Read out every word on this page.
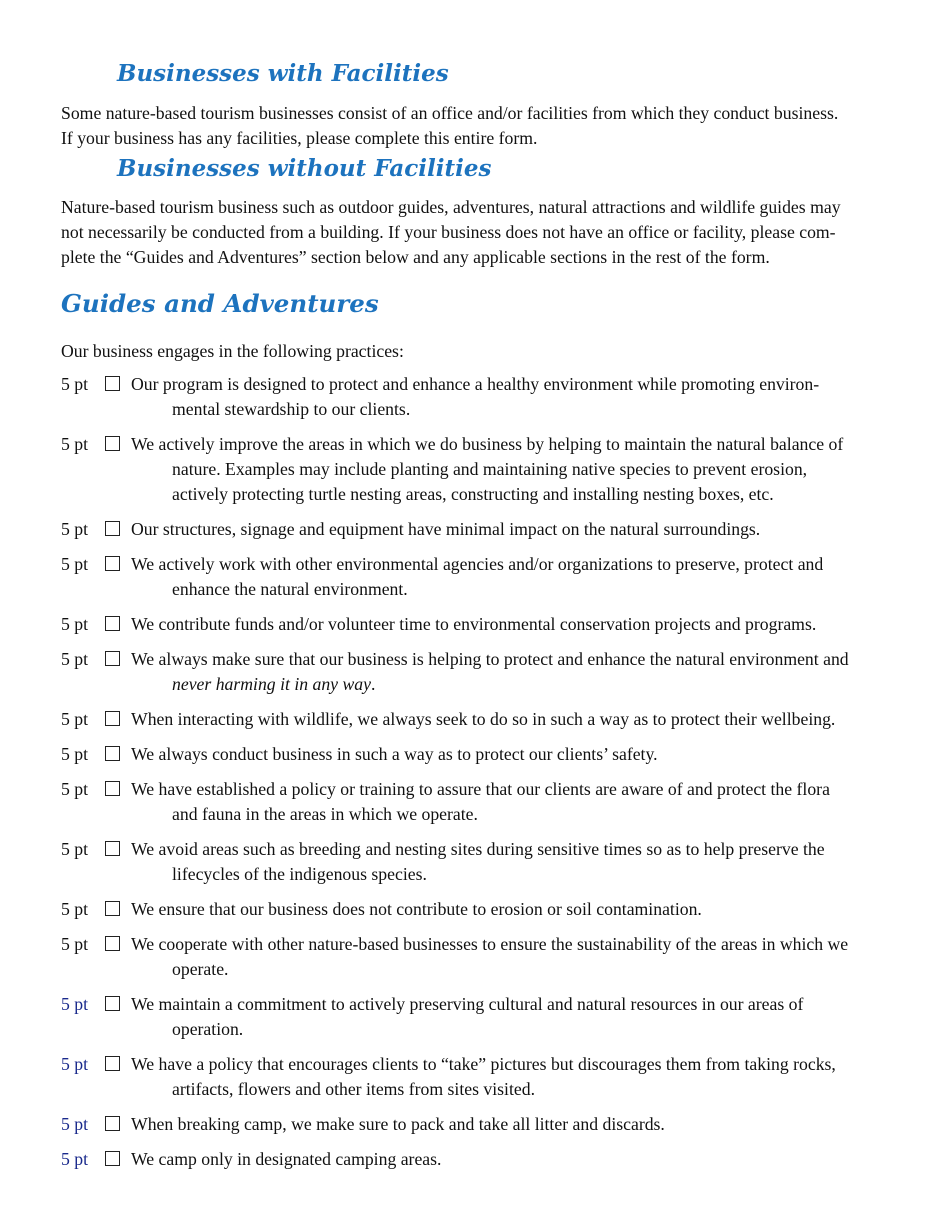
Businesses with Facilities

Some nature-based tourism businesses consist of an office and/or facilities from which they conduct business.
If your business has any facilities, please complete this entire form.

Businesses without Facilities

Nature-based tourism business such as outdoor guides, adventures, natural attractions and wildlife guides may
not necessarily be conducted from a building. If your business does not have an office or facility, please com-
plete the “Guides and Adventures” section below and any applicable sections in the rest of the form.

Guides and Adventures

Our business engages in the following practices:

5 pt Our program is designed to protect and enhance a healthy environment while promoting environ-
mental stewardship to our clients.
5 pt We actively improve the areas in which we do business by helping to maintain the natural balance of
nature. Examples may include planting and maintaining native species to prevent erosion,
actively protecting turtle nesting areas, constructing and installing nesting boxes, etc.
5 pt Our structures, signage and equipment have minimal impact on the natural surroundings.
5 pt We actively work with other environmental agencies and/or organizations to preserve, protect and
enhance the natural environment.
5 pt We contribute funds and/or volunteer time to environmental conservation projects and programs.
5 pt We always make sure that our business is helping to protect and enhance the natural environment and
never harming it in any way.
5 pt When interacting with wildlife, we always seek to do so in such a way as to protect their wellbeing.
5 pt We always conduct business in such a way as to protect our clients’ safety.
5 pt We have established a policy or training to assure that our clients are aware of and protect the flora
and fauna in the areas in which we operate.
5 pt We avoid areas such as breeding and nesting sites during sensitive times so as to help preserve the
lifecycles of the indigenous species.
5 pt We ensure that our business does not contribute to erosion or soil contamination.
5 pt We cooperate with other nature-based businesses to ensure the sustainability of the areas in which we
operate.
5 pt We maintain a commitment to actively preserving cultural and natural resources in our areas of
operation.
5 pt We have a policy that encourages clients to “take” pictures but discourages them from taking rocks,
artifacts, flowers and other items from sites visited.
5 pt When breaking camp, we make sure to pack and take all litter and discards.
5 pt We camp only in designated camping areas.
